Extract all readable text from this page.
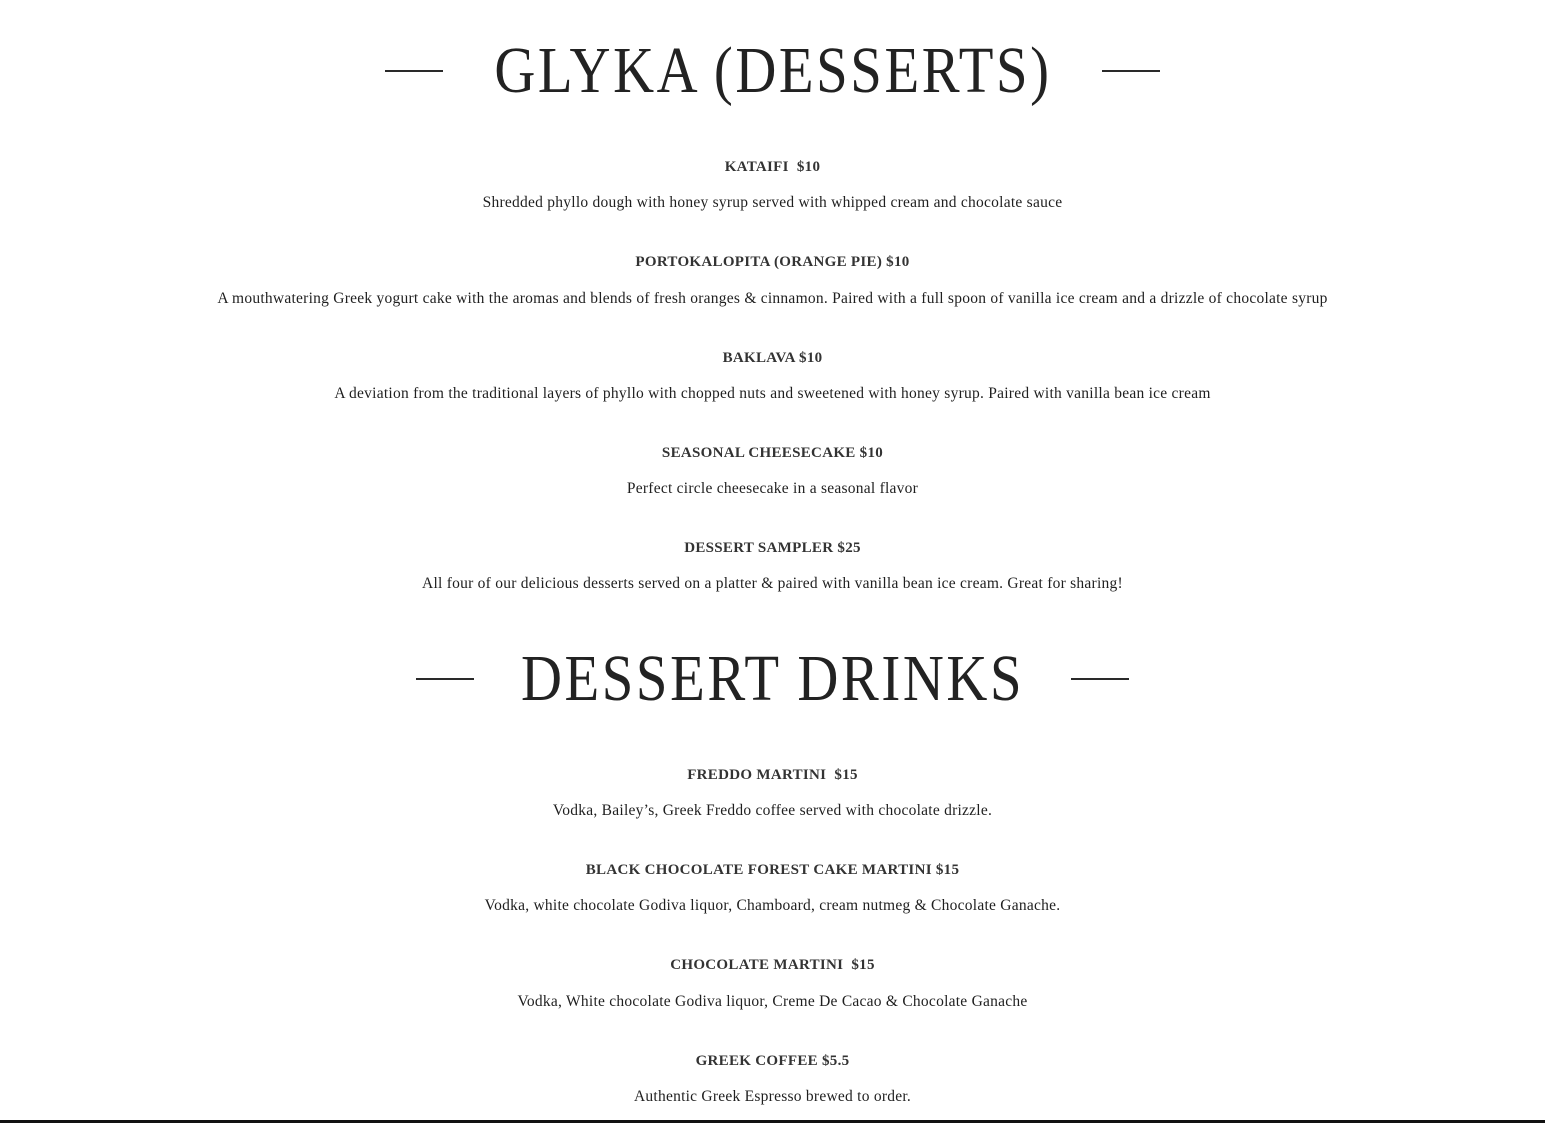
GLYKA (DESSERTS)
KATAIFI  $10
Shredded phyllo dough with honey syrup served with whipped cream and chocolate sauce
PORTOKALOPITA (ORANGE PIE) $10
A mouthwatering Greek yogurt cake with the aromas and blends of fresh oranges & cinnamon. Paired with a full spoon of vanilla ice cream and a drizzle of chocolate syrup
BAKLAVA $10
A deviation from the traditional layers of phyllo with chopped nuts and sweetened with honey syrup. Paired with vanilla bean ice cream
SEASONAL CHEESECAKE $10
Perfect circle cheesecake in a seasonal flavor
DESSERT SAMPLER $25
All four of our delicious desserts served on a platter & paired with vanilla bean ice cream. Great for sharing!
DESSERT DRINKS
FREDDO MARTINI  $15
Vodka, Bailey’s, Greek Freddo coffee served with chocolate drizzle.
BLACK CHOCOLATE FOREST CAKE MARTINI $15
Vodka, white chocolate Godiva liquor, Chamboard, cream nutmeg & Chocolate Ganache.
CHOCOLATE MARTINI  $15
Vodka, White chocolate Godiva liquor, Creme De Cacao & Chocolate Ganache
GREEK COFFEE $5.5
Authentic Greek Espresso brewed to order.
